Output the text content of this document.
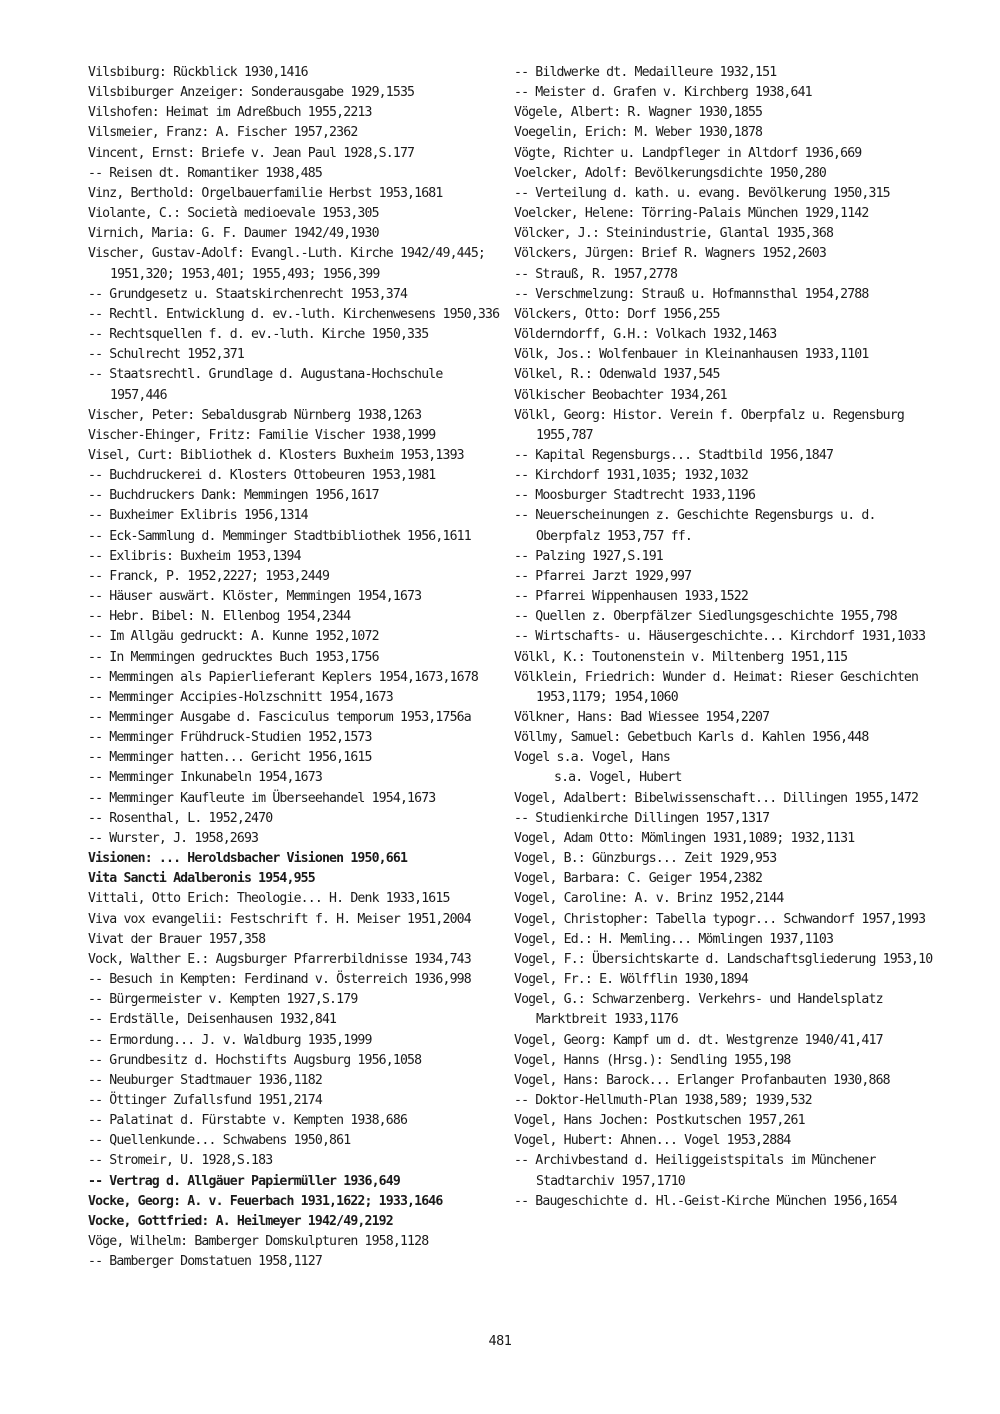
Vilsbiburg: Rückblick 1930,1416
Vilsbiburger Anzeiger: Sonderausgabe 1929,1535
Vilshofen: Heimat im Adreßbuch 1955,2213
Vilsmeier, Franz: A. Fischer 1957,2362
Vincent, Ernst: Briefe v. Jean Paul 1928,S.177
-- Reisen dt. Romantiker 1938,485
Vinz, Berthold: Orgelbauerfamilie Herbst 1953,1681
Violante, C.: Società medioevale 1953,305
Virnich, Maria: G. F. Daumer 1942/49,1930
Vischer, Gustav-Adolf: Evangl.-Luth. Kirche 1942/49,445; 1951,320; 1953,401; 1955,493; 1956,399
-- Grundgesetz u. Staatskirchenrecht 1953,374
-- Rechtl. Entwicklung d. ev.-luth. Kirchenwesens 1950,336
-- Rechtsquellen f. d. ev.-luth. Kirche 1950,335
-- Schulrecht 1952,371
-- Staatsrechtl. Grundlage d. Augustana-Hochschule 1957,446
Vischer, Peter: Sebaldusgrab Nürnberg 1938,1263
Vischer-Ehinger, Fritz: Familie Vischer 1938,1999
Visel, Curt: Bibliothek d. Klosters Buxheim 1953,1393
-- Buchdruckerei d. Klosters Ottobeuren 1953,1981
-- Buchdruckers Dank: Memmingen 1956,1617
-- Buxheimer Exlibris 1956,1314
-- Eck-Sammlung d. Memminger Stadtbibliothek 1956,1611
-- Exlibris: Buxheim 1953,1394
-- Franck, P. 1952,2227; 1953,2449
-- Häuser auswärt. Klöster, Memmingen 1954,1673
-- Hebr. Bibel: N. Ellenbog 1954,2344
-- Im Allgäu gedruckt: A. Kunne 1952,1072
-- In Memmingen gedrucktes Buch 1953,1756
-- Memmingen als Papierlieferant Keplers 1954,1673,1678
-- Memminger Accipies-Holzschnitt 1954,1673
-- Memminger Ausgabe d. Fasciculus temporum 1953,1756a
-- Memminger Frühdruck-Studien 1952,1573
-- Memminger hatten... Gericht 1956,1615
-- Memminger Inkunabeln 1954,1673
-- Memminger Kaufleute im Überseehandel 1954,1673
-- Rosenthal, L. 1952,2470
-- Wurster, J. 1958,2693
Visionen: ... Heroldsbacher Visionen 1950,661
Vita Sancti Adalberonis 1954,955
Vittali, Otto Erich: Theologie... H. Denk 1933,1615
Viva vox evangelii: Festschrift f. H. Meiser 1951,2004
Vivat der Brauer 1957,358
Vock, Walther E.: Augsburger Pfarrerbildnisse 1934,743
-- Besuch in Kempten: Ferdinand v. Österreich 1936,998
-- Bürgermeister v. Kempten 1927,S.179
-- Erdställe, Deisenhausen 1932,841
-- Ermordung... J. v. Waldburg 1935,1999
-- Grundbesitz d. Hochstifts Augsburg 1956,1058
-- Neuburger Stadtmauer 1936,1182
-- Öttinger Zufallsfund 1951,2174
-- Palatinat d. Fürstabte v. Kempten 1938,686
-- Quellenkunde... Schwabens 1950,861
-- Stromeir, U. 1928,S.183
-- Vertrag d. Allgäuer Papiermüller 1936,649
Vocke, Georg: A. v. Feuerbach 1931,1622; 1933,1646
Vocke, Gottfried: A. Heilmeyer 1942/49,2192
Vöge, Wilhelm: Bamberger Domskulpturen 1958,1128
-- Bamberger Domstatuen 1958,1127
-- Bildwerke dt. Medailleure 1932,151
-- Meister d. Grafen v. Kirchberg 1938,641
Vögele, Albert: R. Wagner 1930,1855
Voegelin, Erich: M. Weber 1930,1878
Vögte, Richter u. Landpfleger in Altdorf 1936,669
Voelcker, Adolf: Bevölkerungsdichte 1950,280
-- Verteilung d. kath. u. evang. Bevölkerung 1950,315
Voelcker, Helene: Törring-Palais München 1929,1142
Völcker, J.: Steinindustrie, Glantal 1935,368
Völckers, Jürgen: Brief R. Wagners 1952,2603
-- Strauß, R. 1957,2778
-- Verschmelzung: Strauß u. Hofmannsthal 1954,2788
Völckers, Otto: Dorf 1956,255
Völderndorff, G.H.: Volkach 1932,1463
Völk, Jos.: Wolfenbauer in Kleinanhausen 1933,1101
Völkel, R.: Odenwald 1937,545
Völkischer Beobachter 1934,261
Völkl, Georg: Histor. Verein f. Oberpfalz u. Regensburg 1955,787
-- Kapital Regensburgs... Stadtbild 1956,1847
-- Kirchdorf 1931,1035; 1932,1032
-- Moosburger Stadtrecht 1933,1196
-- Neuerscheinungen z. Geschichte Regensburgs u. d. Oberpfalz 1953,757 ff.
-- Palzing 1927,S.191
-- Pfarrei Jarzt 1929,997
-- Pfarrei Wippenhausen 1933,1522
-- Quellen z. Oberpfälzer Siedlungsgeschichte 1955,798
-- Wirtschafts- u. Häusergeschichte... Kirchdorf 1931,1033
Völkl, K.: Toutonenstein v. Miltenberg 1951,115
Völklein, Friedrich: Wunder d. Heimat: Rieser Geschichten 1953,1179; 1954,1060
Völkner, Hans: Bad Wiessee 1954,2207
Völlmy, Samuel: Gebetbuch Karls d. Kahlen 1956,448
Vogel s.a. Vogel, Hans
s.a. Vogel, Hubert
Vogel, Adalbert: Bibelwissenschaft... Dillingen 1955,1472
-- Studienkirche Dillingen 1957,1317
Vogel, Adam Otto: Mömlingen 1931,1089; 1932,1131
Vogel, B.: Günzburgs... Zeit 1929,953
Vogel, Barbara: C. Geiger 1954,2382
Vogel, Caroline: A. v. Brinz 1952,2144
Vogel, Christopher: Tabella typogr... Schwandorf 1957,1993
Vogel, Ed.: H. Memling... Mömlingen 1937,1103
Vogel, F.: Übersichtskarte d. Landschaftsgliederung 1953,10
Vogel, Fr.: E. Wölfflin 1930,1894
Vogel, G.: Schwarzenberg. Verkehrs- und Handelsplatz Marktbreit 1933,1176
Vogel, Georg: Kampf um d. dt. Westgrenze 1940/41,417
Vogel, Hanns (Hrsg.): Sendling 1955,198
Vogel, Hans: Barock... Erlanger Profanbauten 1930,868
-- Doktor-Hellmuth-Plan 1938,589; 1939,532
Vogel, Hans Jochen: Postkutschen 1957,261
Vogel, Hubert: Ahnen... Vogel 1953,2884
-- Archivbestand d. Heiliggeistspitals im Münchener Stadtarchiv 1957,1710
-- Baugeschichte d. Hl.-Geist-Kirche München 1956,1654
481
